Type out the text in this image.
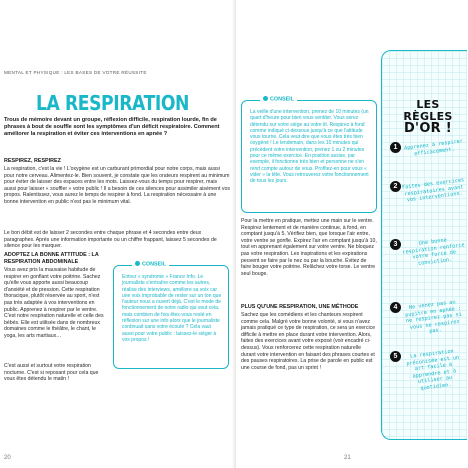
MENTAL ET PHYSIQUE : LES BASES DE VOTRE RÉUSSITE
LA RESPIRATION
Trous de mémoire devant un groupe, réflexion difficile, respiration lourde, fin de phrases à bout de souffle sont les symptômes d'un déficit respiratoire. Comment améliorer la respiration et éviter ces interventions en apnée ?
RESPIREZ, RESPIREZ
La respiration, c'est la vie ! L'oxygène est un carburant primordial pour notre corps, mais aussi pour notre cerveau. Alimentez-le. Bien souvent, je constate que les orateurs respirent au minimum pour éviter de laisser des espaces entre les mots. Laissez-vous du temps pour respirer, mais aussi pour laisser « souffler » votre public ! Il a besoin de ces silences pour assimiler aisément vos propos. Ralentissez, vous aurez le temps de respirer à fond. La respiration nécessaire à une bonne intervention en public n'est pas le minimum vital.
Le bon débit est de laisser 2 secondes entre chaque phrase et 4 secondes entre deux paragraphes. Après une information importante ou un chiffre frappant, laissez 5 secondes de silence pour les marquer.
ADOPTEZ LA BONNE ATTITUDE : LA RESPIRATION ABDOMINALE
Vous avez pris la mauvaise habitude de respirer en gonflant votre poitrine. Sachez qu'elle vous apporte aussi beaucoup d'anxiété et de pression. Cette respiration thoracique, plutôt réservée au sport, n'est pas très adaptée à vos interventions en public. Apprenez à respirer par le ventre. C'est notre respiration naturelle et celle des bébés. Elle est utilisée dans de nombreux domaines comme le théâtre, le chant, le yoga, les arts martiaux…
C'est aussi et surtout votre respiration nocturne. C'est si reposant pour cela que vous êtes détendu le matin !
CONSEIL
Entrez « syndrome » France Info. Le journaliste s'entraîne comme les autres, réalise des interviews, améliore sa voix car une voix improbable de rester sur un ton que l'auteur nous a ouvert déjà. C'est le mode de fonctionnement de notre radio qui veut cela, mais combien de fois êtes-vous resté en réflexion sur une info alors que le journaliste continuait sans votre écoute ? Cela vaut aussi pour votre public : laissez-le siéger à vos propos !
20
CONSEIL
La veille d'une intervention, prenez de 10 minutes (un quart d'heure pour bien vous ventiler. Vous serez détendu sur votre siège au votre lit. Respirez à fond comme indiqué ci-dessous jusqu'à ce que l'attitude vous tourne. Cela veut dire que vous êtes très bien oxygéné ! Le lendemain, dans les 10 minutes qui précèdent votre intervention, prenez 1 ou 2 minutes pour ce même exercice. En position assise, par exemple, il fonctionne très bien et personne ne s'en rend compte autour de vous. Profitez-en pour vous « vider » la tête. Vous retrouverez votre fonctionnement de tous les jours.
Pour la mettre en pratique, mettez une main sur le ventre. Respirez lentement et de manière continue, à fond, en comptant jusqu'à 5. Vérifiez bien, que lorsque l'air entre, votre ventre se gonfle. Expirez l'air en comptant jusqu'à 10, tout en apprenant également sur votre ventre. Ne bloquez pas votre respiration. Les inspirations et les expirations peuvent se faire par le nez ou par la bouche. Évitez de faire bouger votre poitrine. Relâchez votre torse. Le ventre seul bouge.
PLUS QU'UNE RESPIRATION, UNE MÉTHODE
Sachez que les comédiens et les chanteurs respirent comme cela. Malgré votre bonne volonté, si vous n'avez jamais pratiqué ce type de respiration, ce sera un exercice difficile à mettre en place durant votre intervention. Alors, faites des exercices avant votre exposé (voir encadré ci-dessus). Vous renforcerez cette respiration naturelle durant votre intervention en faisant des phrases courtes et des pauses respiratoires. La prise de parole en public est une course de fond, pas un sprint !
21
LES RÈGLES
D'OR !
1	Apprenez à respirer efficacement.
2 Faites des exercices respiratoires avant vos interventions.
3	Une bonne respiration renforce votre force de conviction.
4	Ne venez pas au pupitre en apnée : ne respirez pas si vous ne respirez pas.
5	La respiration préconisée est un art facile à apprendre et à utiliser au quotidien.
